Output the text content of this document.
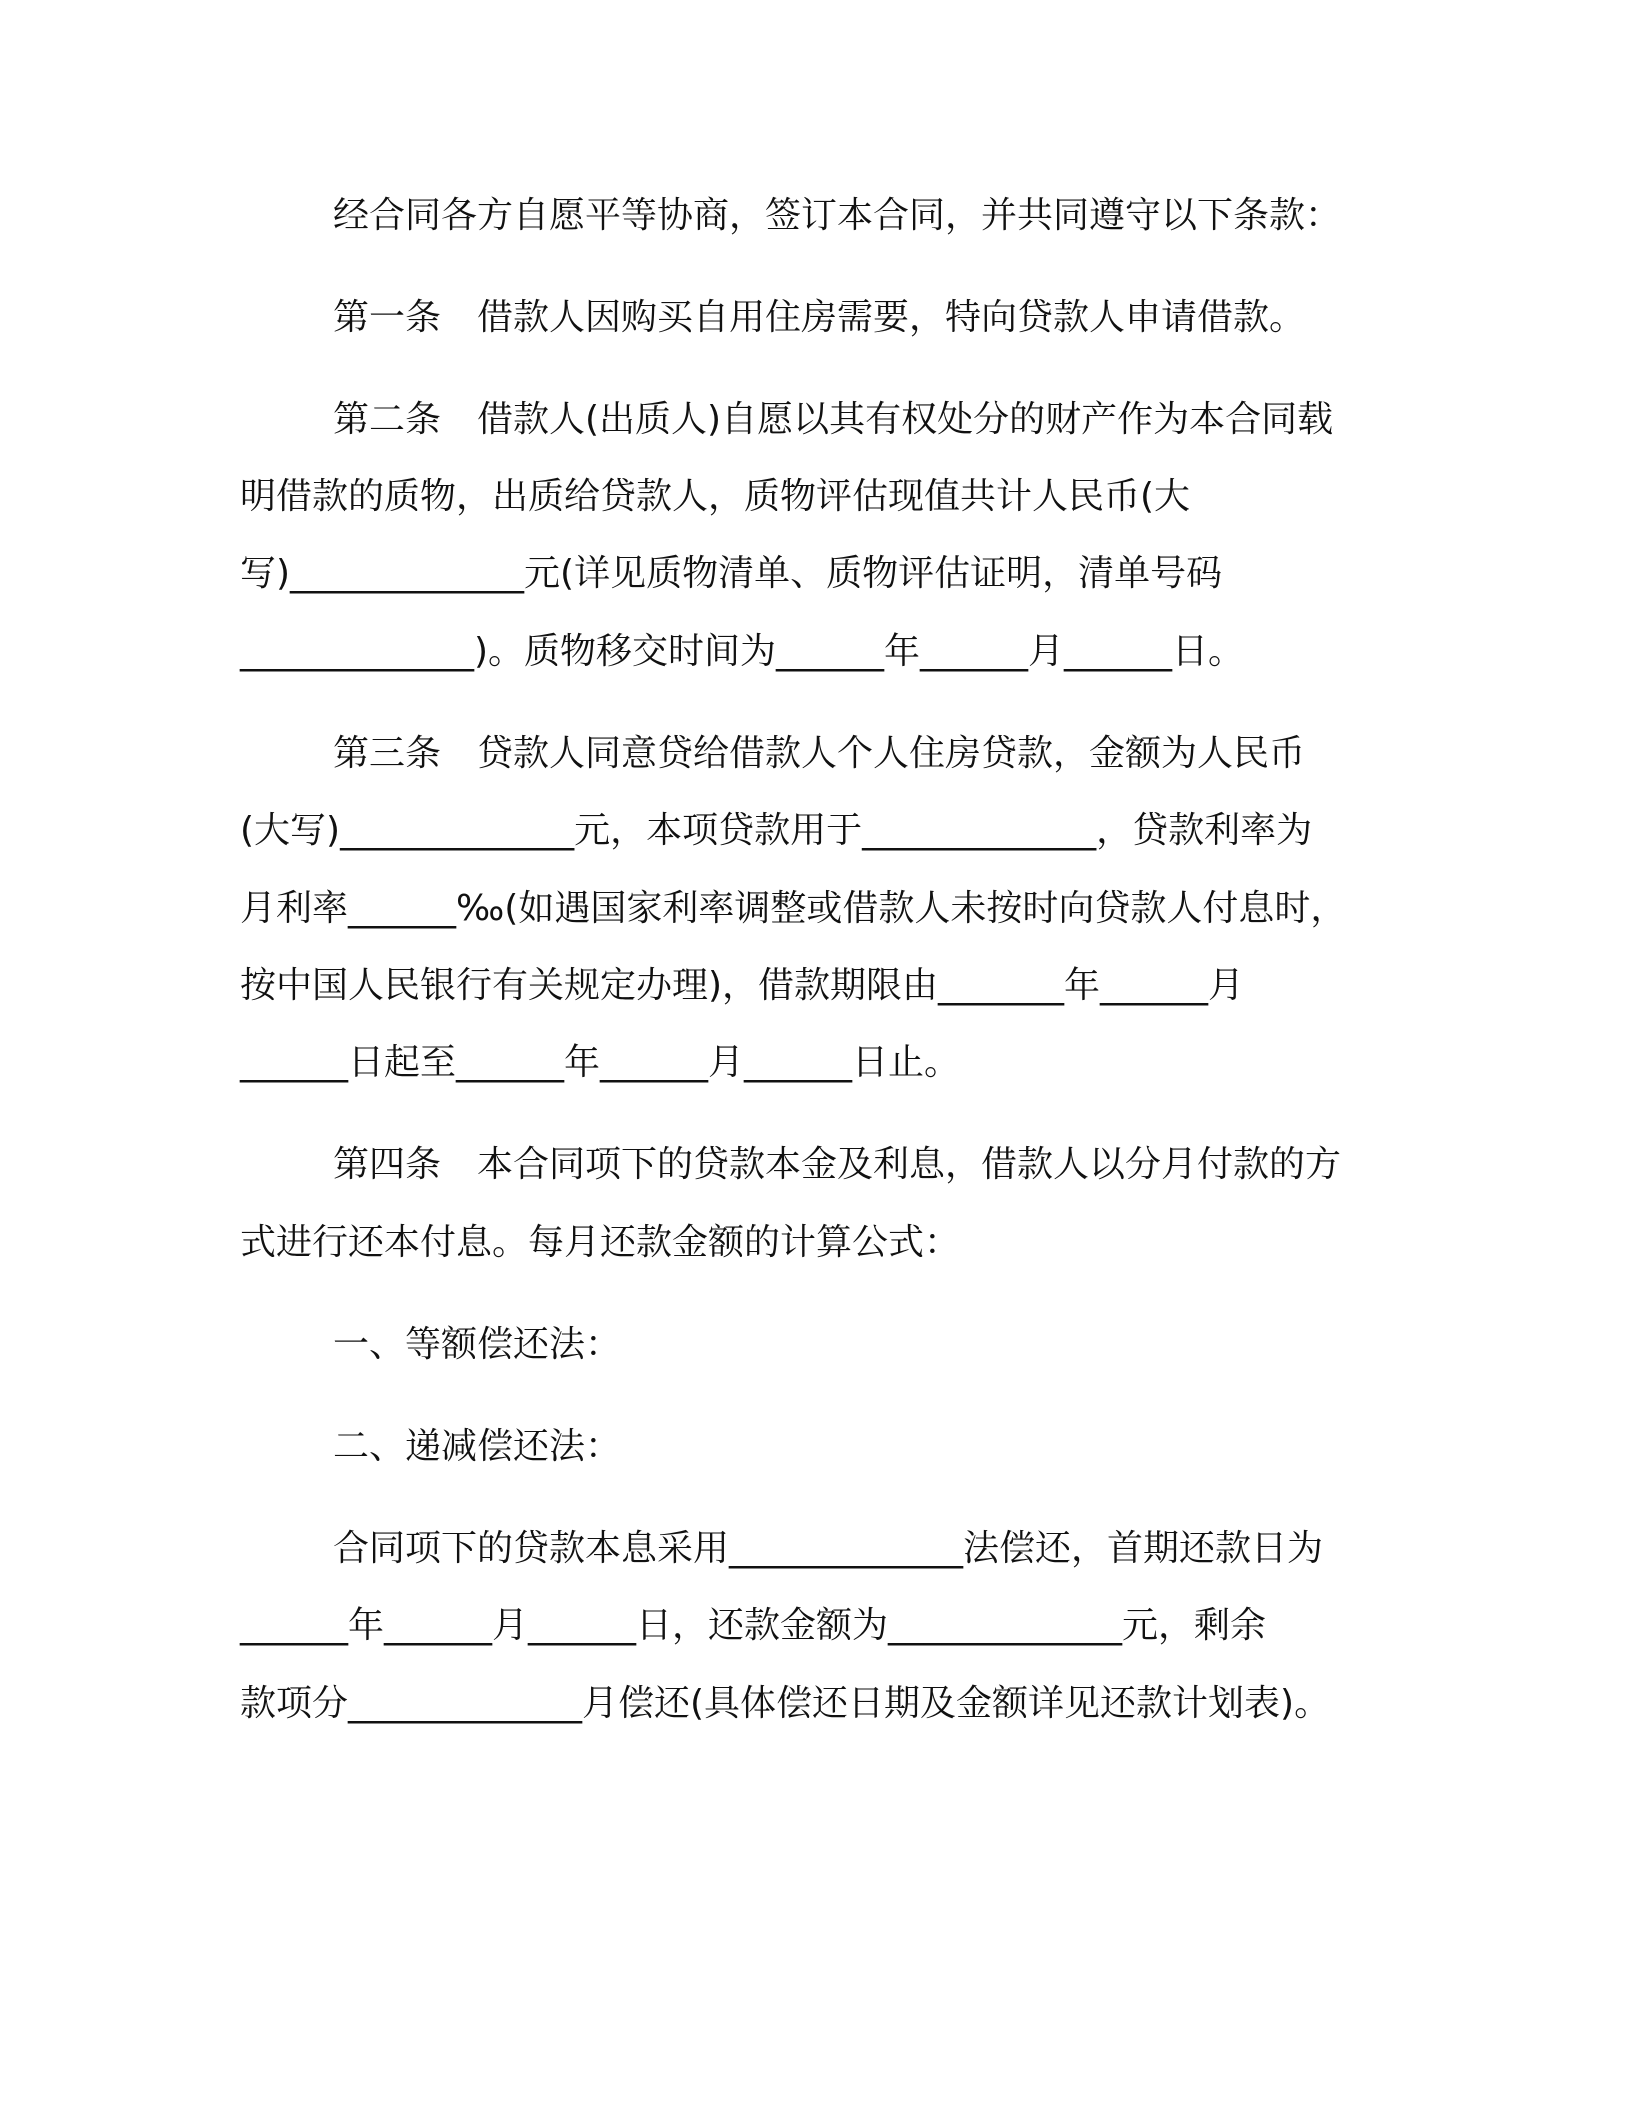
经合同各方自愿平等协商，签订本合同，并共同遵守以下条款：
第一条　借款人因购买自用住房需要，特向贷款人申请借款。
第二条　借款人(出质人)自愿以其有权处分的财产作为本合同载
明借款的质物，出质给贷款人，质物评估现值共计人民币(大
写)_____________元(详见质物清单、质物评估证明，清单号码
_____________)。质物移交时间为______年______月______日。
第三条　贷款人同意贷给借款人个人住房贷款，金额为人民币
(大写)_____________元，本项贷款用于_____________，贷款利率为
月利率______‰(如遇国家利率调整或借款人未按时向贷款人付息时，
按中国人民银行有关规定办理)，借款期限由_______年______月
______日起至______年______月______日止。
第四条　本合同项下的贷款本金及利息，借款人以分月付款的方
式进行还本付息。每月还款金额的计算公式：
一、等额偿还法：
二、递减偿还法：
合同项下的贷款本息采用_____________法偿还，首期还款日为
______年______月______日，还款金额为_____________元，剩余
款项分_____________月偿还(具体偿还日期及金额详见还款计划表)。
